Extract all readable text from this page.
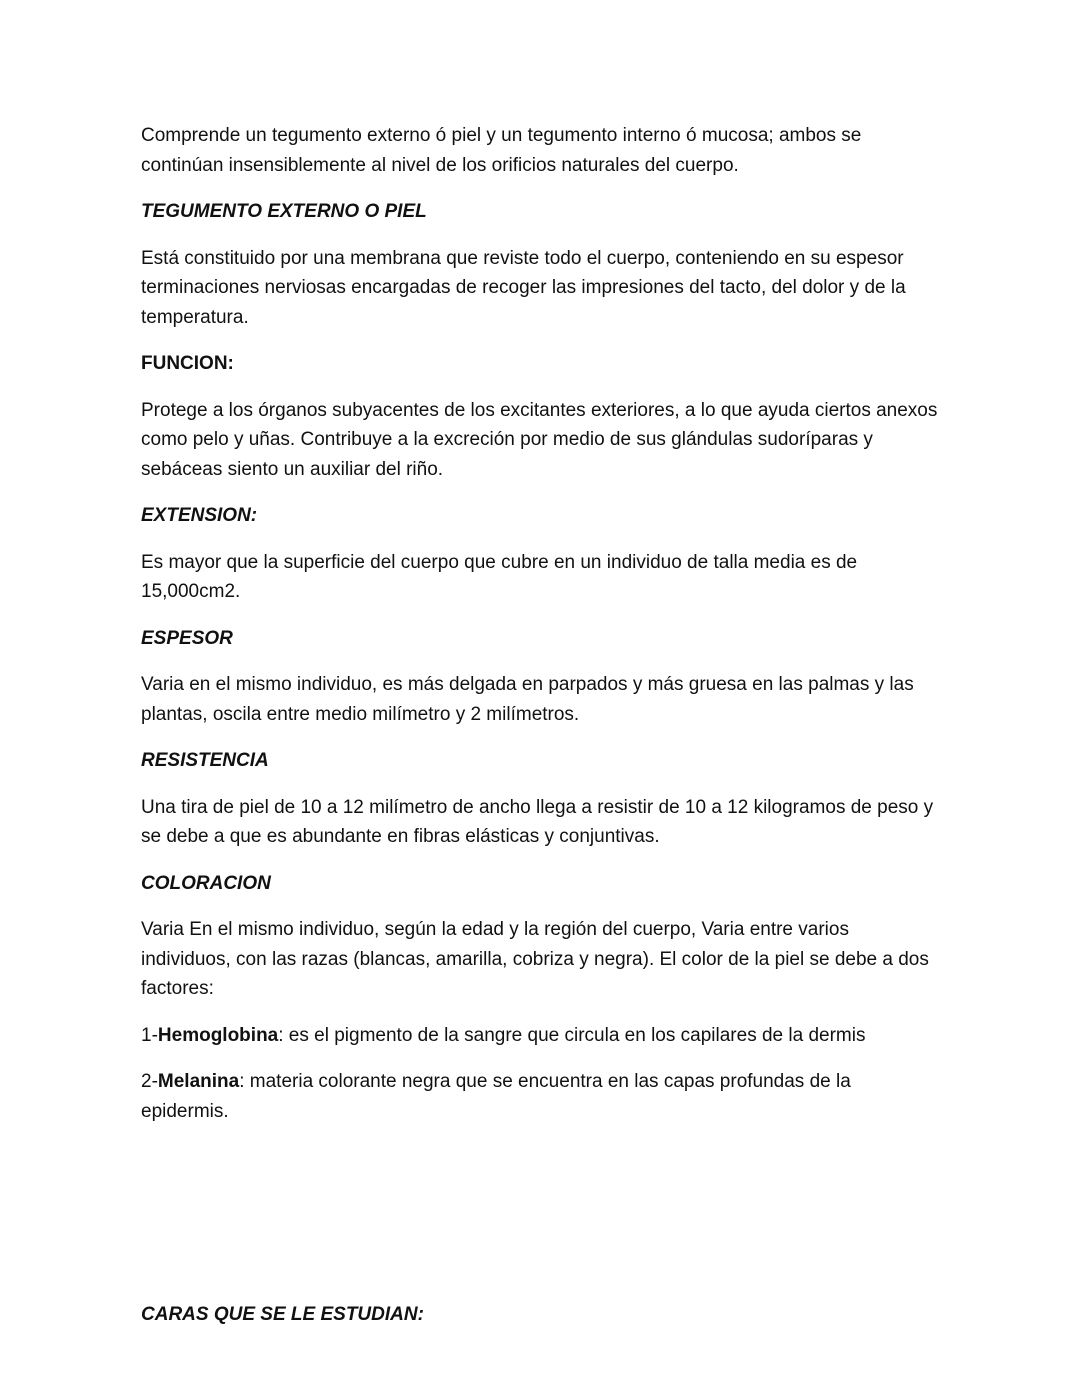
Comprende un tegumento externo ó piel y un tegumento interno ó mucosa; ambos se continúan insensiblemente al nivel de los orificios naturales del cuerpo.

TEGUMENTO EXTERNO O PIEL

Está constituido por una membrana que reviste todo el cuerpo, conteniendo en su espesor terminaciones nerviosas encargadas de recoger las impresiones del tacto, del dolor y de la temperatura.

FUNCION:

Protege a los órganos subyacentes de los excitantes exteriores, a lo que ayuda ciertos anexos como pelo y uñas. Contribuye a la excreción por medio de sus glándulas sudoríparas y sebáceas siento un auxiliar del riño.

EXTENSION:

Es mayor que la superficie del cuerpo que cubre en un individuo de talla media es de 15,000cm2.

ESPESOR

Varia en el mismo individuo, es más delgada en parpados y más gruesa en las palmas y las plantas, oscila entre medio milímetro y 2 milímetros.

RESISTENCIA

Una tira de piel de 10 a 12 milímetro de ancho llega a resistir de 10 a 12 kilogramos de peso y se debe a que es abundante en fibras elásticas y conjuntivas.

COLORACION

Varia En el mismo individuo, según la edad y la región del cuerpo, Varia entre varios individuos, con las razas (blancas, amarilla, cobriza y negra). El color de la piel se debe a dos factores:

1-Hemoglobina: es el pigmento de la sangre que circula en los capilares de la dermis

2-Melanina: materia colorante negra que se encuentra en las capas profundas de la epidermis.

CARAS QUE SE LE ESTUDIAN:
